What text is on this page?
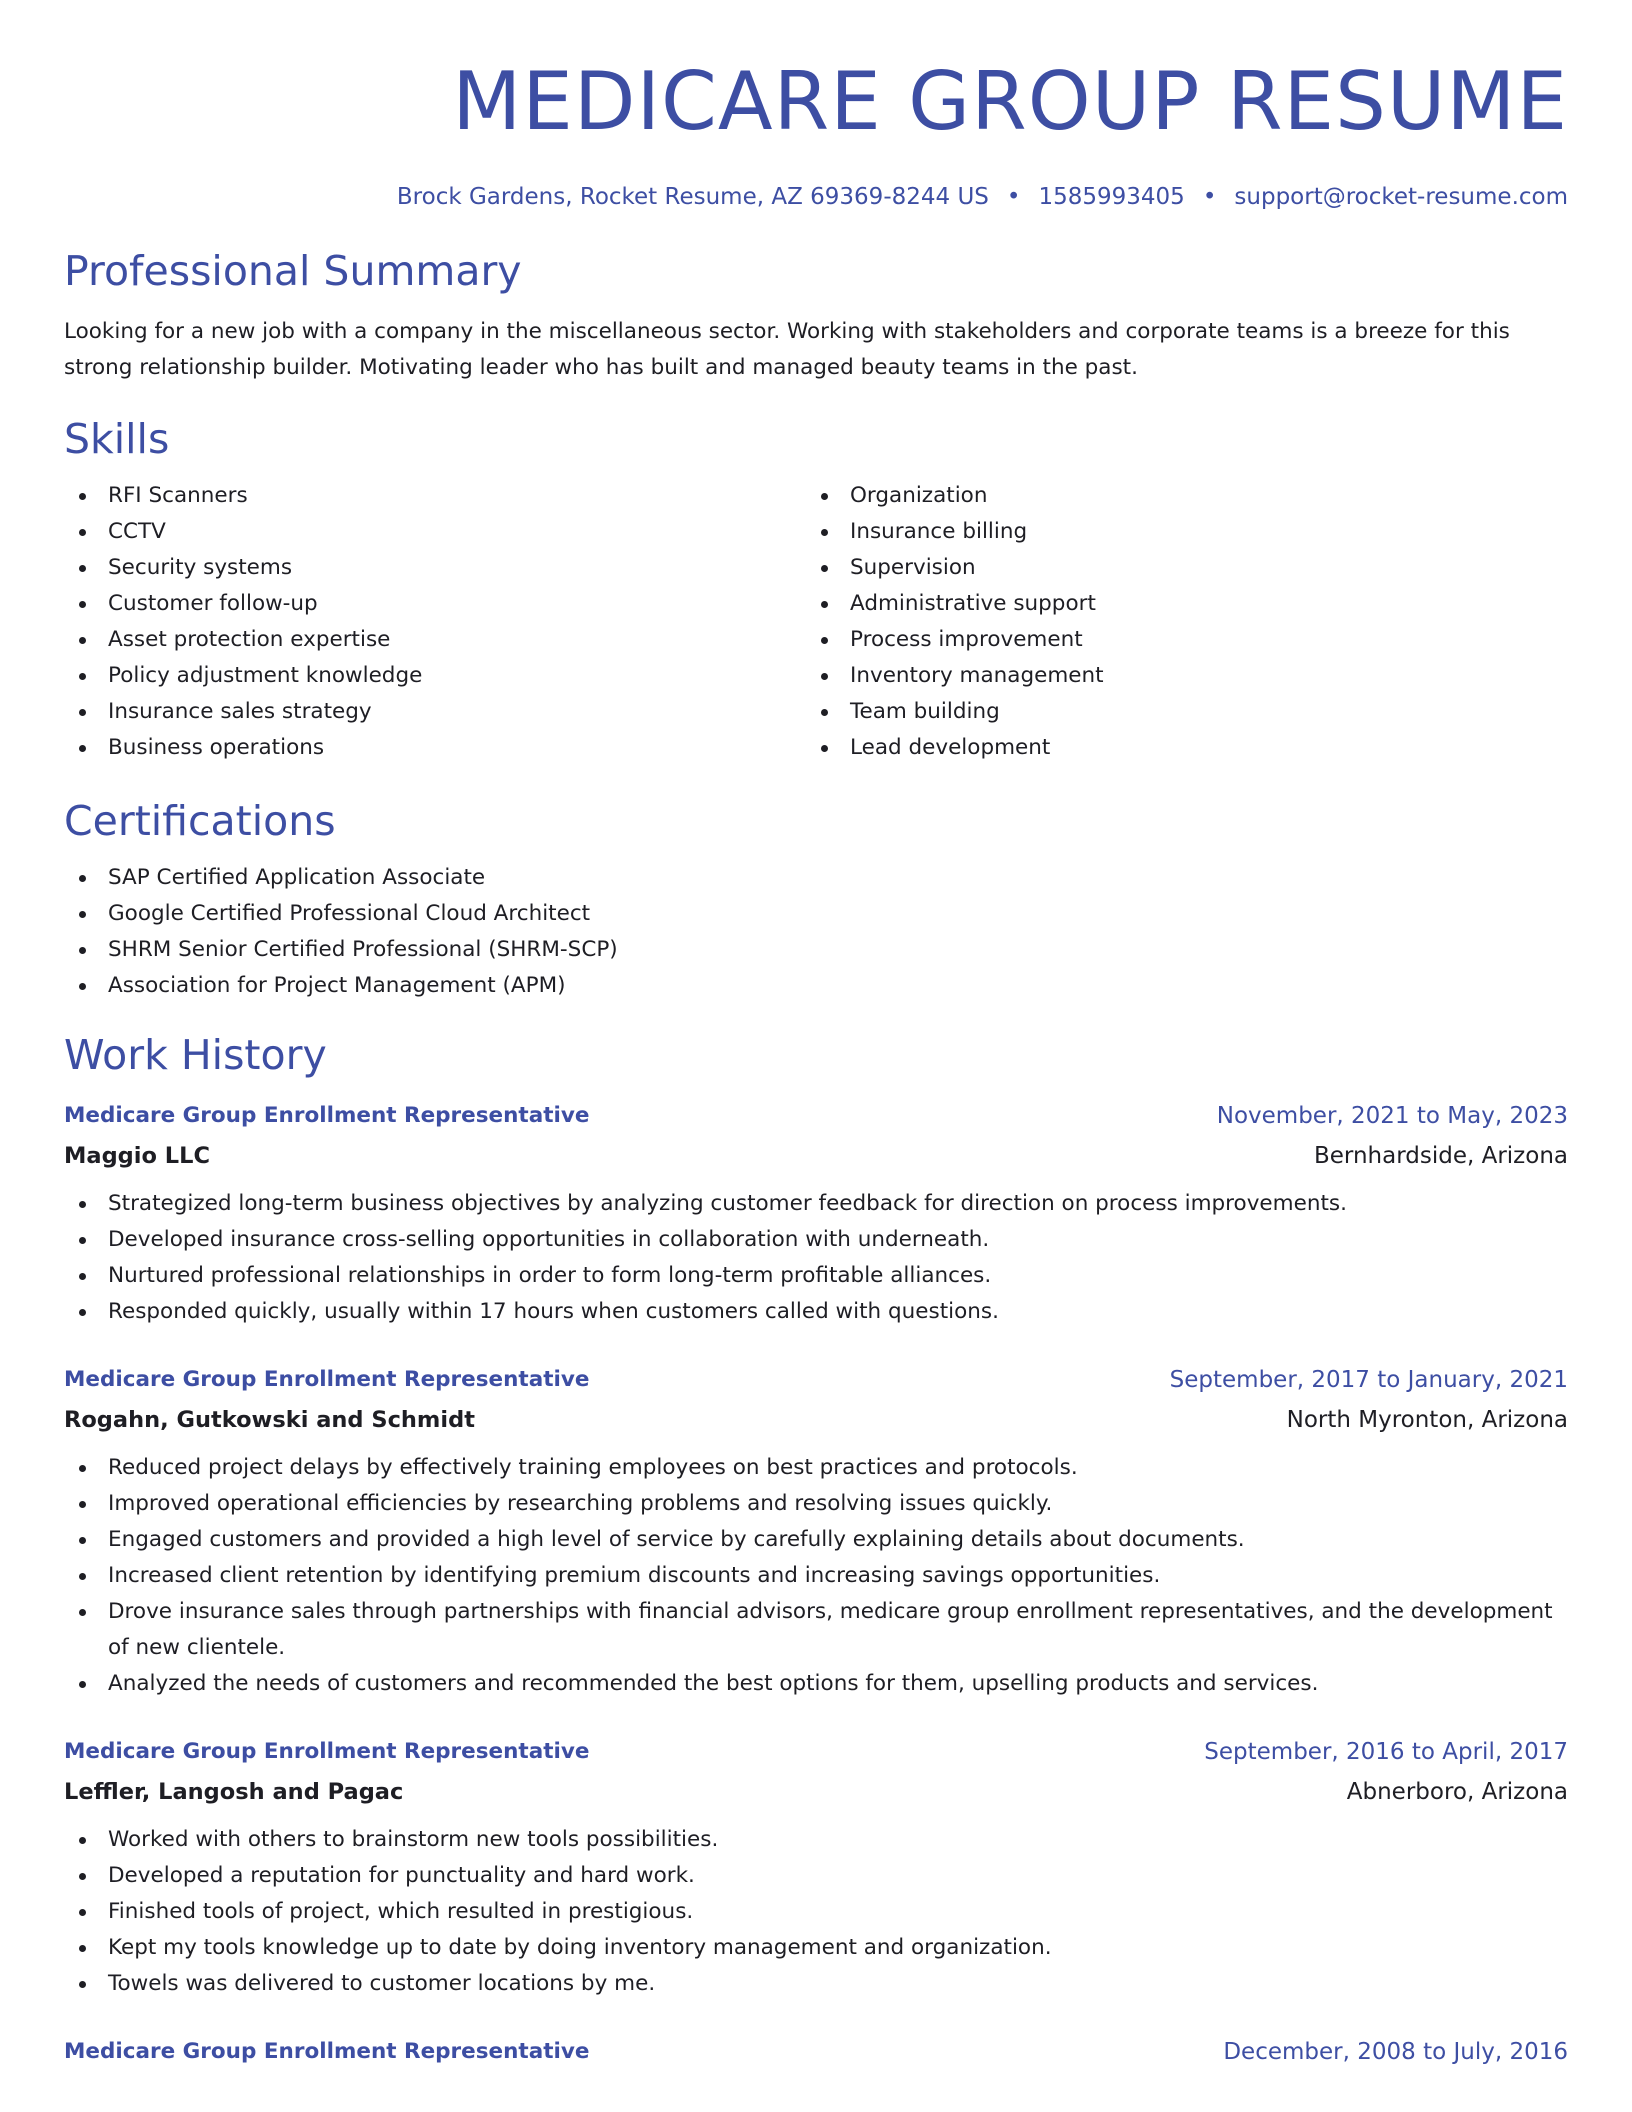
MEDICARE GROUP RESUME
Brock Gardens, Rocket Resume, AZ 69369-8244 US • 1585993405 • support@rocket-resume.com
Professional Summary

Looking for a new job with a company in the miscellaneous sector. Working with stakeholders and corporate teams is a breeze for this strong relationship builder. Motivating leader who has built and managed beauty teams in the past.

Skills
RFI Scanners
CCTV
Security systems
Customer follow-up
Asset protection expertise
Policy adjustment knowledge
Insurance sales strategy
Business operations
Organization
Insurance billing
Supervision
Administrative support
Process improvement
Inventory management
Team building
Lead development
Certifications
SAP Certified Application Associate
Google Certified Professional Cloud Architect
SHRM Senior Certified Professional (SHRM-SCP)
Association for Project Management (APM)
Work History
Medicare Group Enrollment Representative	November, 2021 to May, 2023
Maggio LLC	Bernhardside, Arizona
Strategized long-term business objectives by analyzing customer feedback for direction on process improvements.
Developed insurance cross-selling opportunities in collaboration with underneath.
Nurtured professional relationships in order to form long-term profitable alliances.
Responded quickly, usually within 17 hours when customers called with questions.
Medicare Group Enrollment Representative	September, 2017 to January, 2021
Rogahn, Gutkowski and Schmidt	North Myronton, Arizona
Reduced project delays by effectively training employees on best practices and protocols.
Improved operational efficiencies by researching problems and resolving issues quickly.
Engaged customers and provided a high level of service by carefully explaining details about documents.
Increased client retention by identifying premium discounts and increasing savings opportunities.
Drove insurance sales through partnerships with financial advisors, medicare group enrollment representatives, and the development of new clientele.
Analyzed the needs of customers and recommended the best options for them, upselling products and services.
Medicare Group Enrollment Representative	September, 2016 to April, 2017
Leffler, Langosh and Pagac	Abnerboro, Arizona
Worked with others to brainstorm new tools possibilities.
Developed a reputation for punctuality and hard work.
Finished tools of project, which resulted in prestigious.
Kept my tools knowledge up to date by doing inventory management and organization.
Towels was delivered to customer locations by me.
Medicare Group Enrollment Representative	December, 2008 to July, 2016
